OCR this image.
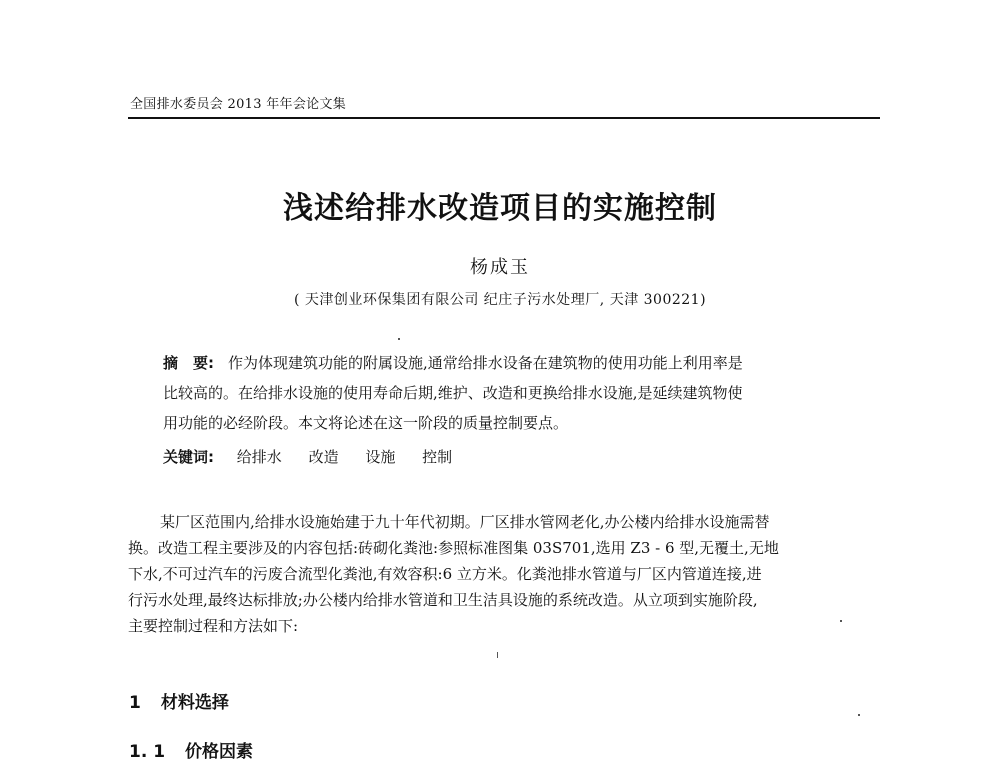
全国排水委员会 2013 年年会论文集
浅述给排水改造项目的实施控制
杨成玉
( 天津创业环保集团有限公司 纪庄子污水处理厂, 天津 300221)
摘　要: 作为体现建筑功能的附属设施,通常给排水设备在建筑物的使用功能上利用率是
比较高的。在给排水设施的使用寿命后期,维护、改造和更换给排水设施,是延续建筑物使
用功能的必经阶段。本文将论述在这一阶段的质量控制要点。
关键词: 给排水 改造 设施 控制
某厂区范围内,给排水设施始建于九十年代初期。厂区排水管网老化,办公楼内给排水设施需替
换。改造工程主要涉及的内容包括:砖砌化粪池:参照标准图集 03S701,选用 Z3 - 6 型,无覆土,无地
下水,不可过汽车的污废合流型化粪池,有效容积:6 立方米。化粪池排水管道与厂区内管道连接,进
行污水处理,最终达标排放;办公楼内给排水管道和卫生洁具设施的系统改造。从立项到实施阶段,
主要控制过程和方法如下:
1 材料选择
1. 1 价格因素
